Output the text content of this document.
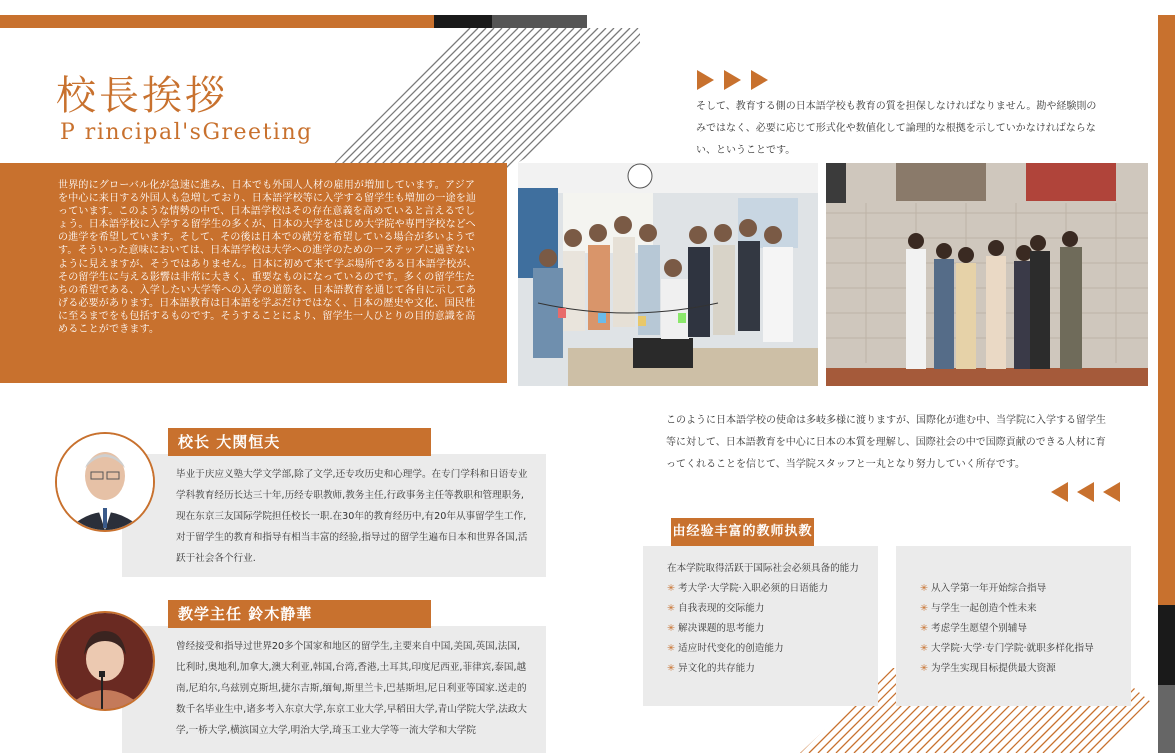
校長挨拶
P rincipal'sGreeting

世界的にグローバル化が急速に進み、日本でも外国人人材の雇用が増加しています。アジアを中心に来日する外国人も急増しており、日本語学校等に入学する留学生も増加の一途を辿っています。このような情勢の中で、日本語学校はその存在意義を高めていると言えるでしょう。日本語学校に入学する留学生の多くが、日本の大学をはじめ大学院や専門学校などへの進学を希望しています。そして、その後は日本での就労を希望している場合が多いようです。そういった意味においては、日本語学校は大学への進学のための一ステップに過ぎないように見えますが、そうではありません。日本に初めて来て学ぶ場所である日本語学校が、その留学生に与える影響は非常に大きく、重要なものになっているのです。多くの留学生たちの希望である、入学したい大学等への入学の道筋を、日本語教育を通じて各自に示してあげる必要があります。日本語教育は日本語を学ぶだけではなく、日本の歴史や文化、国民性に至るまでをも包括するものです。そうすることにより、留学生一人ひとりの目的意識を高めることができます。

そして、教育する側の日本語学校も教育の質を担保しなければなりません。勘や経験則のみではなく、必要に応じて形式化や数値化して論理的な根拠を示していかなければならない、ということです。
このように日本語学校の使命は多岐多様に渡りますが、国際化が進む中、当学院に入学する留学生等に対して、日本語教育を中心に日本の本質を理解し、国際社会の中で国際貢献のできる人材に育ってくれることを信じて、当学院スタッフと一丸となり努力していく所存です。

毕业于庆应义塾大学文学部,除了文学,还专攻历史和心理学。在专门学科和日语专业学科教育经历长达三十年,历经专职教师,教务主任,行政事务主任等教职和管理职务,现在东京三友国际学院担任校长一职.在30年的教育经历中,有20年从事留学生工作,对于留学生的教育和指导有相当丰富的经验,指导过的留学生遍布日本和世界各国,活跃于社会各个行业.

校长 大関恒夫

曾经接受和指导过世界20多个国家和地区的留学生,主要来自中国,美国,英国,法国,比利时,奥地利,加拿大,澳大利亚,韩国,台湾,香港,土耳其,印度尼西亚,菲律宾,泰国,越南,尼珀尔,乌兹别克斯坦,捷尔吉斯,缅甸,斯里兰卡,巴基斯坦,尼日利亚等国家.送走的数千名毕业生中,诸多考入东京大学,东京工业大学,早稻田大学,青山学院大学,法政大学,一桥大学,横滨国立大学,明治大学,琦玉工业大学等一流大学和大学院

教学主任 鈴木静華
由经验丰富的教师执教
在本学院取得活跃于国际社会必须具备的能力
✳ 考大学·大学院·入职必须的日语能力
✳ 自我表现的交际能力
✳ 解决课题的思考能力
✳ 适应时代变化的创造能力
✳ 异文化的共存能力
✳ 从入学第一年开始综合指导
✳ 与学生一起创造个性未来
✳ 考虑学生愿望个别辅导
✳ 大学院·大学·专门学院·就职多样化指导
✳ 为学生实现目标提供最大资源
